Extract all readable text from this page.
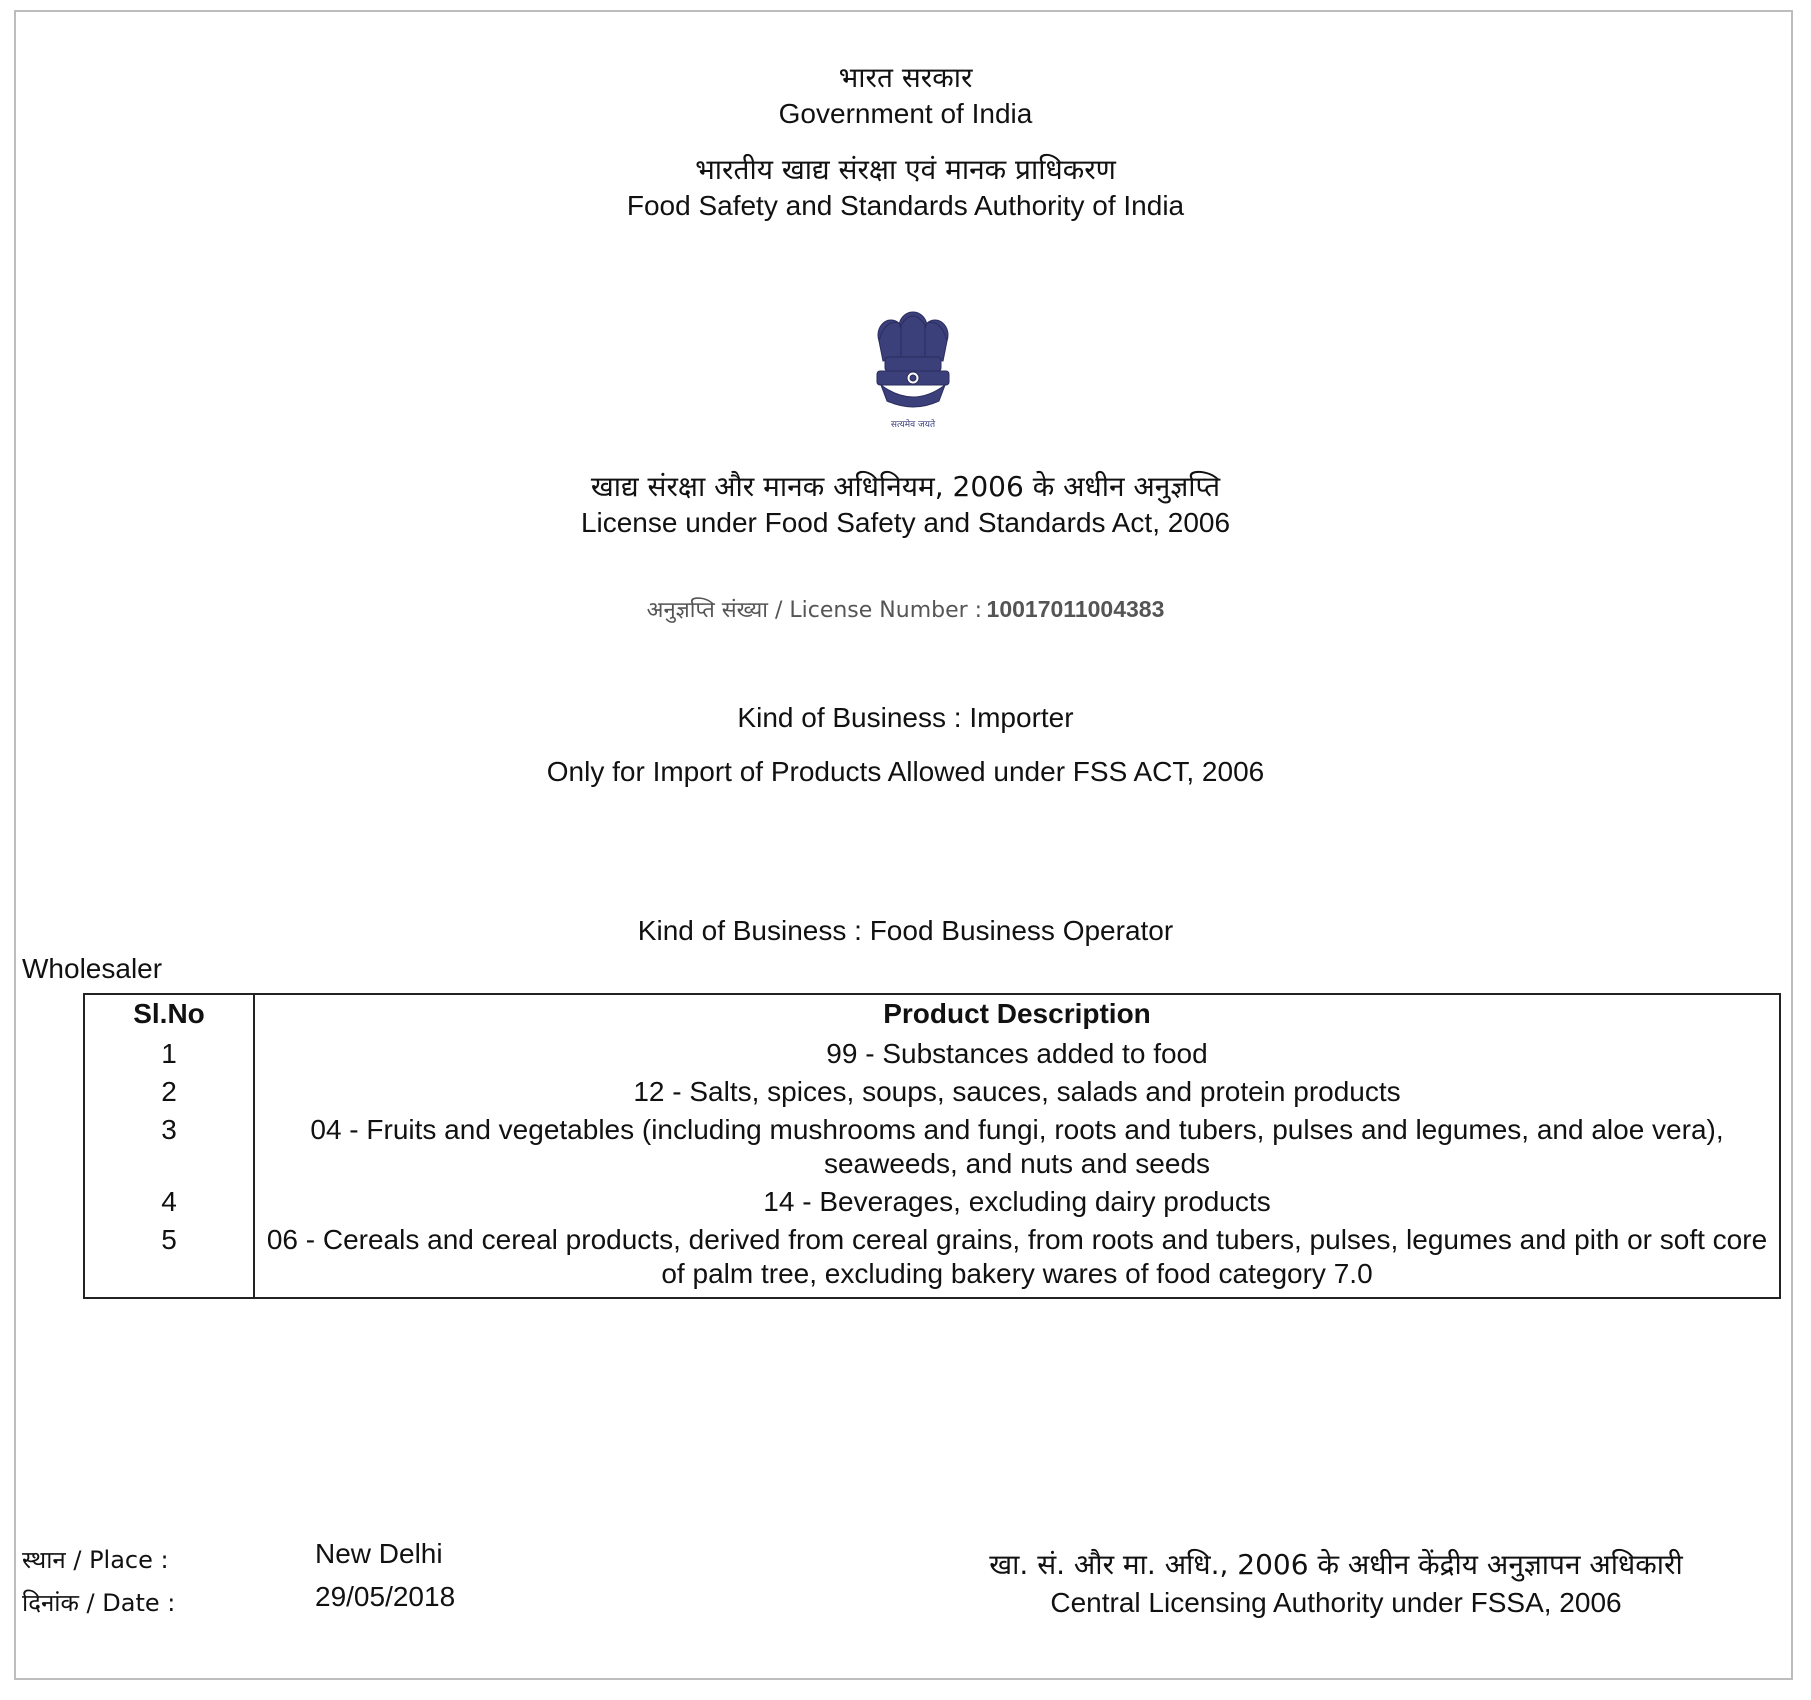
भारत सरकार
Government of India
भारतीय खाद्य संरक्षा एवं मानक प्राधिकरण
Food Safety and Standards Authority of India
सत्यमेव जयते
खाद्य संरक्षा और मानक अधिनियम, 2006 के अधीन अनुज्ञप्ति
License under Food Safety and Standards Act, 2006
अनुज्ञप्ति संख्या / License Number : 10017011004383
Kind of Business : Importer
Only for Import of Products Allowed under FSS ACT, 2006
Kind of Business : Food Business Operator
Wholesaler
Sl.No	Product Description
1	99 - Substances added to food
2	12 - Salts, spices, soups, sauces, salads and protein products
3	04 - Fruits and vegetables (including mushrooms and fungi, roots and tubers, pulses and legumes, and aloe vera), seaweeds, and nuts and seeds
4	14 - Beverages, excluding dairy products
5	06 - Cereals and cereal products, derived from cereal grains, from roots and tubers, pulses, legumes and pith or soft core of palm tree, excluding bakery wares of food category 7.0
स्थान / Place :	New Delhi
दिनांक / Date :	29/05/2018
खा. सं. और मा. अधि., 2006 के अधीन केंद्रीय अनुज्ञापन अधिकारी
Central Licensing Authority under FSSA, 2006
